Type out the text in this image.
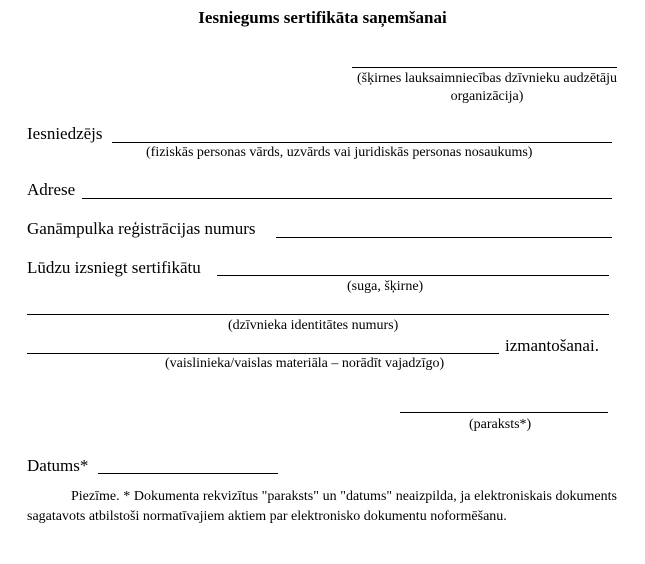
Iesniegums sertifikāta saņemšanai
(šķirnes lauksaimniecības dzīvnieku audzētāju organizācija)
Iesniedzējs
(fiziskās personas vārds, uzvārds vai juridiskās personas nosaukums)
Adrese
Ganāmpulka reģistrācijas numurs
Lūdzu izsniegt sertifikātu
(suga, šķirne)
(dzīvnieka identitātes numurs)
izmantošanai.
(vaislinieka/vaislas materiāla – norādīt vajadzīgo)
(paraksts*)
Datums*
Piezīme. * Dokumenta rekvizītus "paraksts" un "datums" neaizpilda, ja elektroniskais dokuments sagatavots atbilstoši normatīvajiem aktiem par elektronisko dokumentu noformēšanu.
